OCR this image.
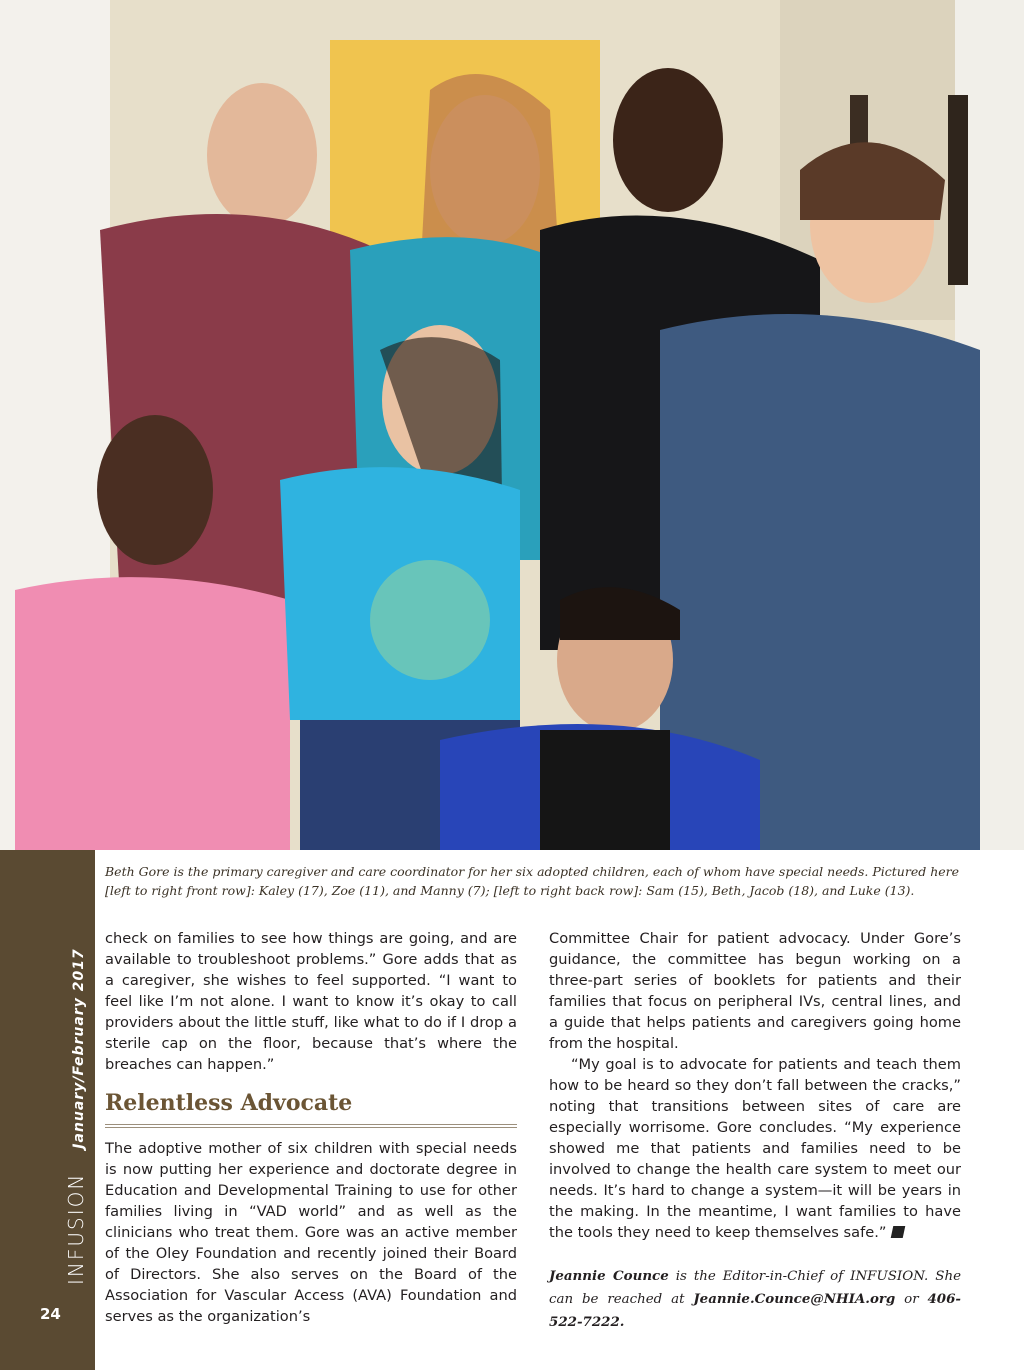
INFUSION
January/February 2017
24
Beth Gore is the primary caregiver and care coordinator for her six adopted children, each of whom have special needs. Pictured here [left to right front row]: Kaley (17), Zoe (11), and Manny (7); [left to right back row]: Sam (15), Beth, Jacob (18), and Luke (13).

check on families to see how things are going, and are available to troubleshoot problems.” Gore adds that as a caregiver, she wishes to feel supported. “I want to feel like I’m not alone. I want to know it’s okay to call providers about the little stuff, like what to do if I drop a sterile cap on the floor, because that’s where the breaches can happen.”

Relentless Advocate

The adoptive mother of six children with special needs is now putting her experience and doctorate degree in Education and Developmental Training to use for other families living in “VAD world” and as well as the clinicians who treat them. Gore was an active member of the Oley Foundation and recently joined their Board of Directors. She also serves on the Board of the Association for Vascular Access (AVA) Foundation and serves as the organization’s

Committee Chair for patient advocacy. Under Gore’s guidance, the committee has begun working on a three-part series of booklets for patients and their families that focus on peripheral IVs, central lines, and a guide that helps patients and caregivers going home from the hospital.

“My goal is to advocate for patients and teach them how to be heard so they don’t fall between the cracks,” noting that transitions between sites of care are especially worrisome. Gore concludes. “My experience showed me that patients and families need to be involved to change the health care system to meet our needs. It’s hard to change a system—it will be years in the making. In the meantime, I want families to have the tools they need to keep themselves safe.”

Jeannie Counce is the Editor-in-Chief of INFUSION. She can be reached at Jeannie.Counce@NHIA.org or 406-522-7222.
